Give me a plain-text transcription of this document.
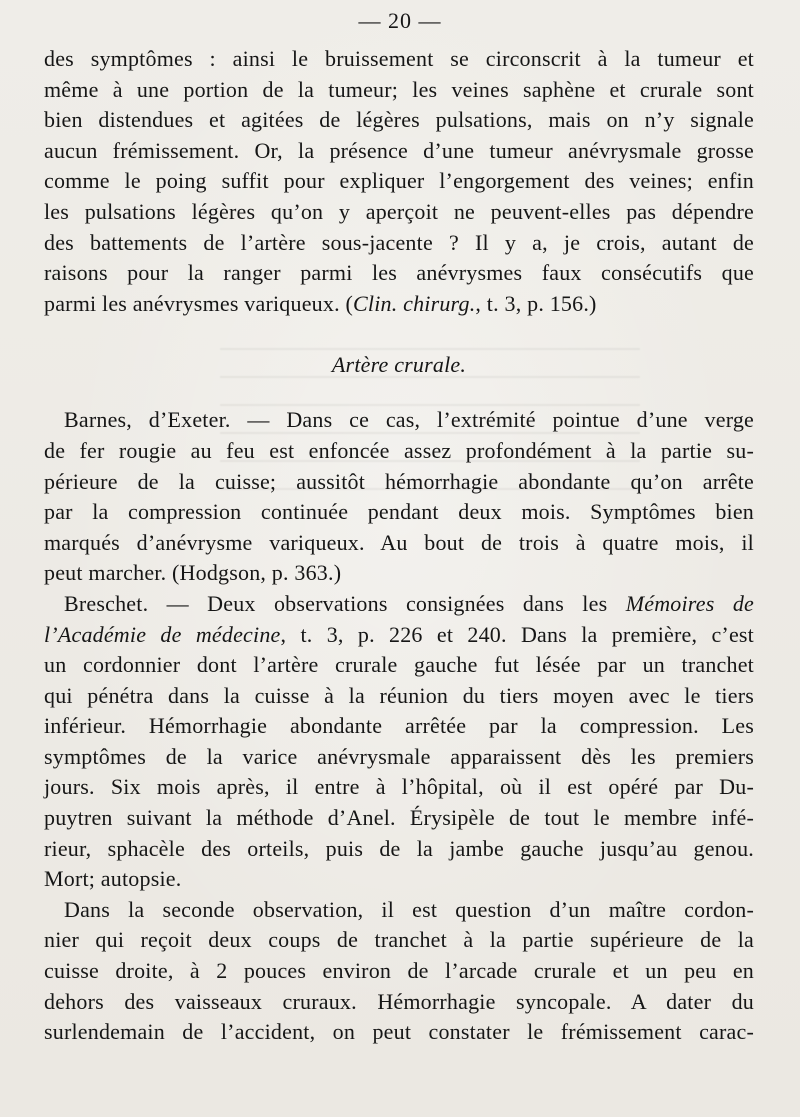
— 20 —
des symptômes : ainsi le bruissement se circonscrit à la tumeur et
même à une portion de la tumeur; les veines saphène et crurale sont
bien distendues et agitées de légères pulsations, mais on n’y signale
aucun frémissement. Or, la présence d’une tumeur anévrysmale grosse
comme le poing suffit pour expliquer l’engorgement des veines; enfin
les pulsations légères qu’on y aperçoit ne peuvent-elles pas dépendre
des battements de l’artère sous-jacente ? Il y a, je crois, autant de
raisons pour la ranger parmi les anévrysmes faux consécutifs que
parmi les anévrysmes variqueux. (Clin. chirurg., t. 3, p. 156.)
Artère crurale.
Barnes, d’Exeter. — Dans ce cas, l’extrémité pointue d’une verge
de fer rougie au feu est enfoncée assez profondément à la partie su-
périeure de la cuisse; aussitôt hémorrhagie abondante qu’on arrête
par la compression continuée pendant deux mois. Symptômes bien
marqués d’anévrysme variqueux. Au bout de trois à quatre mois, il
peut marcher. (Hodgson, p. 363.)
Breschet. — Deux observations consignées dans les Mémoires de
l’Académie de médecine, t. 3, p. 226 et 240. Dans la première, c’est
un cordonnier dont l’artère crurale gauche fut lésée par un tranchet
qui pénétra dans la cuisse à la réunion du tiers moyen avec le tiers
inférieur. Hémorrhagie abondante arrêtée par la compression. Les
symptômes de la varice anévrysmale apparaissent dès les premiers
jours. Six mois après, il entre à l’hôpital, où il est opéré par Du-
puytren suivant la méthode d’Anel. Érysipèle de tout le membre infé-
rieur, sphacèle des orteils, puis de la jambe gauche jusqu’au genou.
Mort; autopsie.
Dans la seconde observation, il est question d’un maître cordon-
nier qui reçoit deux coups de tranchet à la partie supérieure de la
cuisse droite, à 2 pouces environ de l’arcade crurale et un peu en
dehors des vaisseaux cruraux. Hémorrhagie syncopale. A dater du
surlendemain de l’accident, on peut constater le frémissement carac-
